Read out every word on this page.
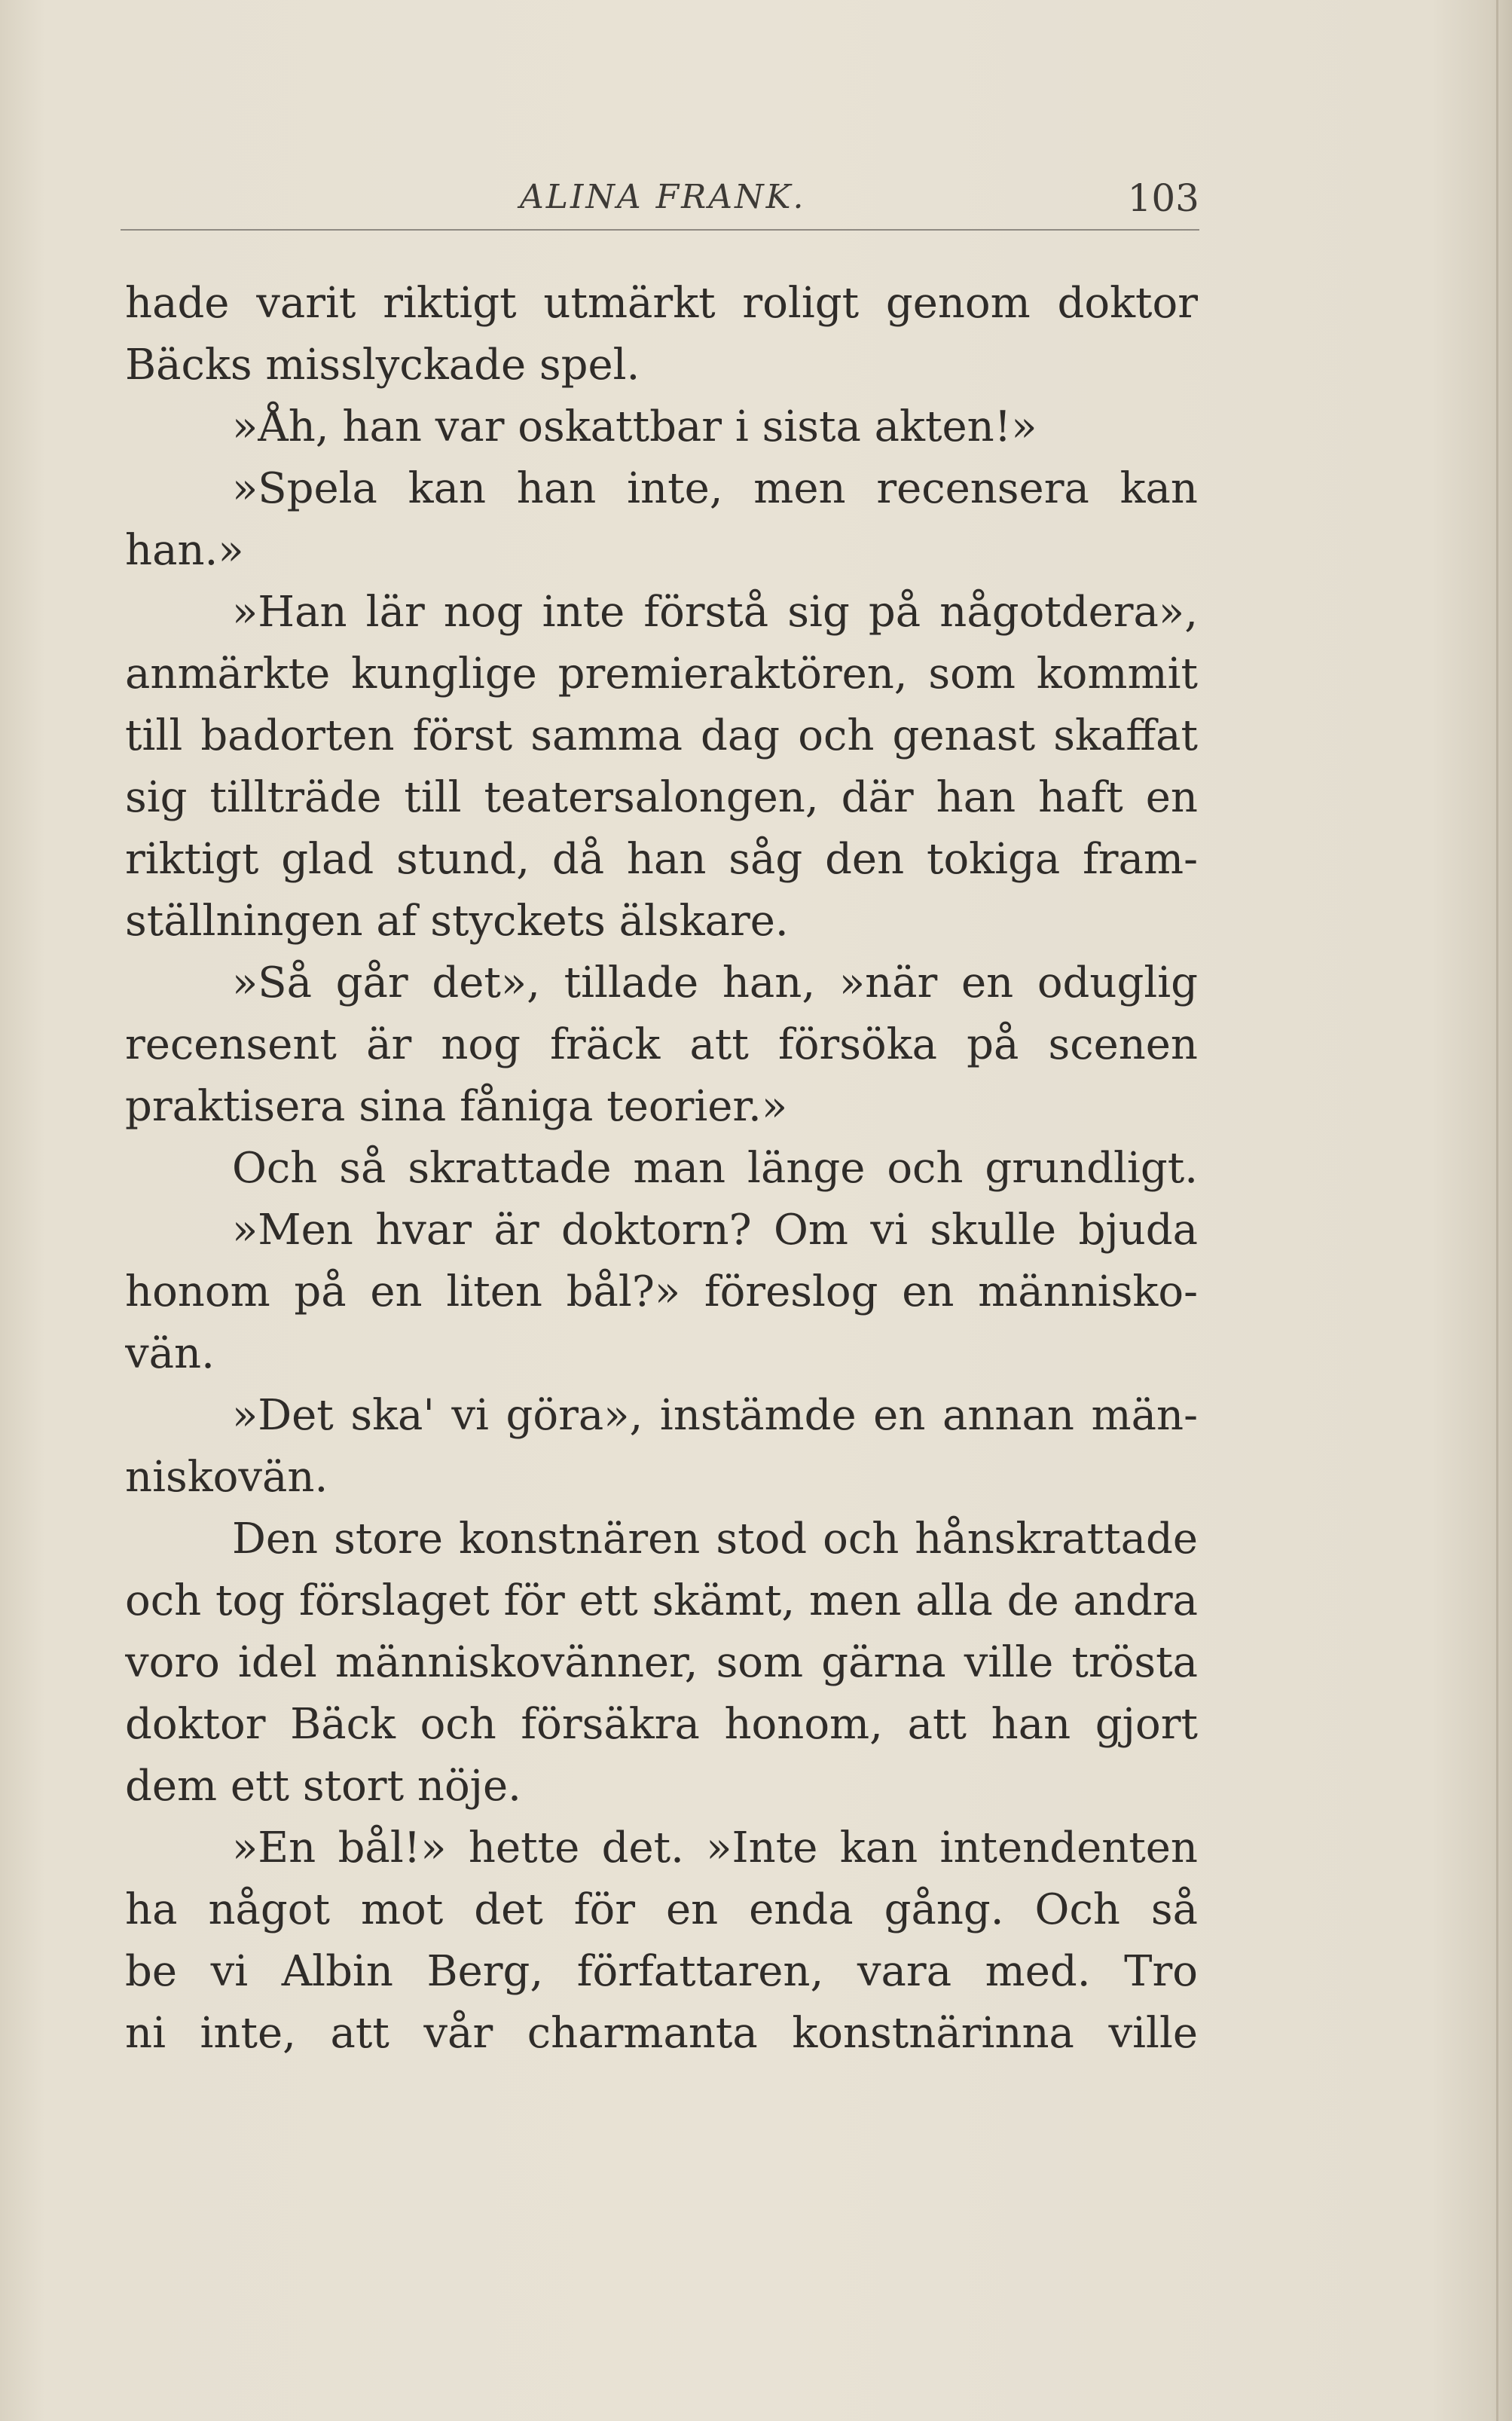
ALINA FRANK.	103
hade varit riktigt utmärkt roligt genom doktor
Bäcks misslyckade spel.
»Åh, han var oskattbar i sista akten!»
»Spela kan han inte, men recensera kan
han.»
»Han lär nog inte förstå sig på någotdera»,
anmärkte kunglige premieraktören, som kommit
till badorten först samma dag och genast skaffat
sig tillträde till teatersalongen, där han haft en
riktigt glad stund, då han såg den tokiga fram-
ställningen af styckets älskare.
»Så går det», tillade han, »när en oduglig
recensent är nog fräck att försöka på scenen
praktisera sina fåniga teorier.»
Och så skrattade man länge och grundligt.
»Men hvar är doktorn? Om vi skulle bjuda
honom på en liten bål?» föreslog en människo-
vän.
»Det ska' vi göra», instämde en annan män-
niskovän.
Den store konstnären stod och hånskrattade
och tog förslaget för ett skämt, men alla de andra
voro idel människovänner, som gärna ville trösta
doktor Bäck och försäkra honom, att han gjort
dem ett stort nöje.
»En bål!» hette det. »Inte kan intendenten
ha något mot det för en enda gång. Och så
be vi Albin Berg, författaren, vara med. Tro
ni inte, att vår charmanta konstnärinna ville
